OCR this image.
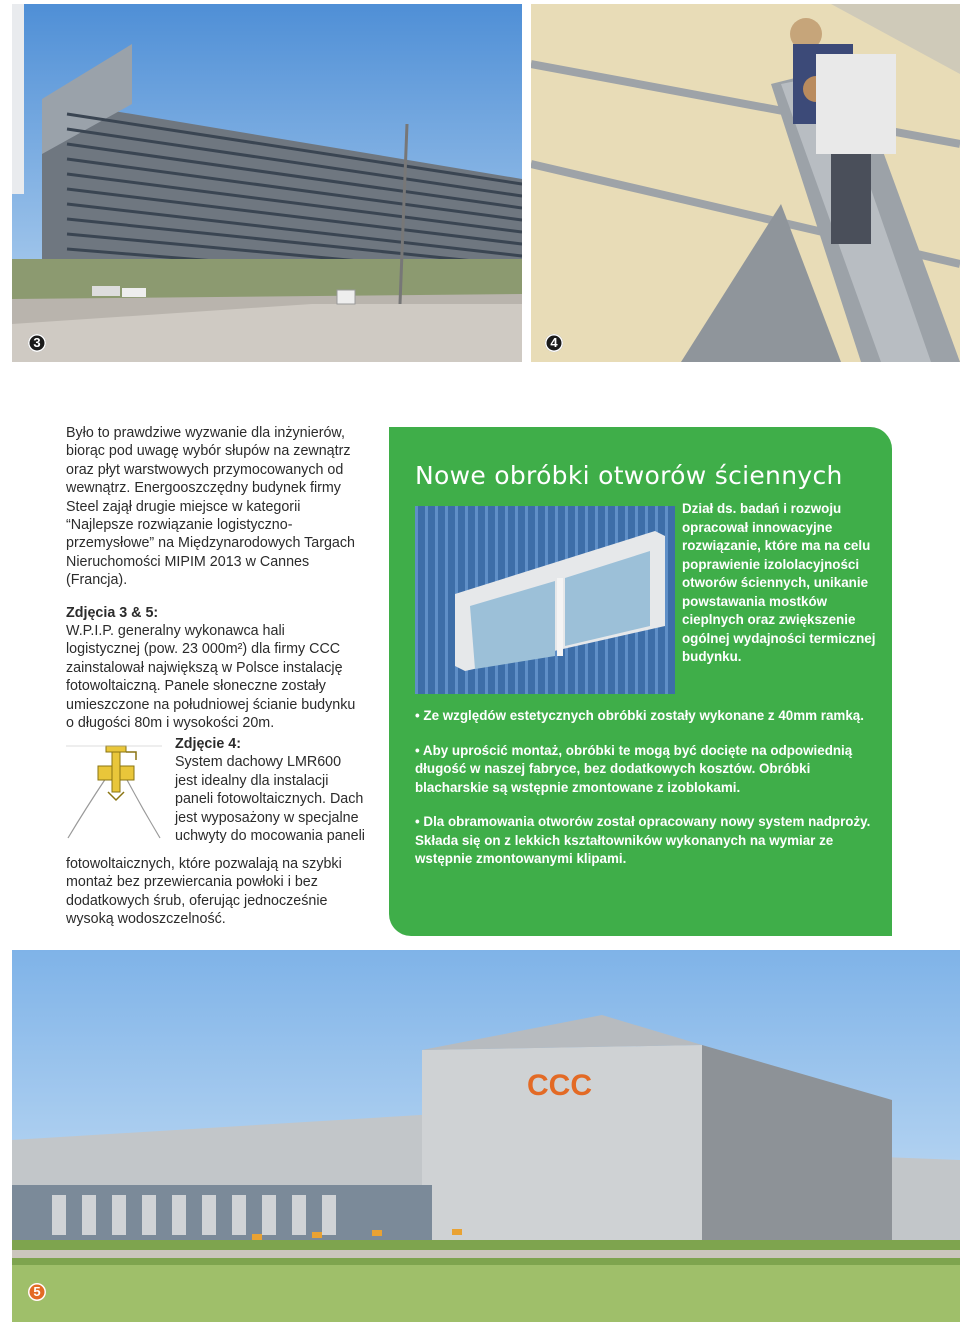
3	4

Było to prawdziwe wyzwanie dla inżynierów, biorąc pod uwagę wybór słupów na zewnątrz oraz płyt warstwowych przymocowanych od wewnątrz. Energooszczędny budynek firmy Steel zajął drugie miejsce w kategorii “Najlepsze rozwiązanie logistyczno-przemysłowe” na Międzynarodowych Targach Nieruchomości MIPIM 2013 w Cannes (Francja).

Zdjęcia 3 & 5:

W.P.I.P. generalny wykonawca hali logistycznej (pow. 23 000m²) dla firmy CCC zainstalował największą w Polsce instalację fotowoltaiczną. Panele słoneczne zostały umieszczone na południowej ścianie budynku o długości 80m i wysokości 20m.

Zdjęcie 4:

System dachowy LMR600 jest idealny dla instalacji paneli fotowoltaicznych. Dach jest wyposażony w specjalne uchwyty do mocowania paneli

fotowoltaicznych, które pozwalają na szybki montaż bez przewiercania powłoki i bez dodatkowych śrub, oferując jednocześnie wysoką wodoszczelność.
Nowe obróbki otworów ściennych
Dział ds. badań i rozwoju opracował innowacyjne rozwiązanie, które ma na celu poprawienie izololacyjności otworów ściennych, unikanie powstawania mostków cieplnych oraz zwiększenie ogólnej wydajności termicznej budynku.

• Ze względów estetycznych obróbki zostały wykonane z 40mm ramką.

• Aby uprościć montaż, obróbki te mogą być docięte na odpowiednią długość w naszej fabryce, bez dodatkowych kosztów. Obróbki blacharskie są wstępnie zmontowane z izoblokami.

• Dla obramowania otworów został opracowany nowy system nadproży. Składa się on z lekkich kształtowników wykonanych na wymiar ze wstępnie zmontowanymi klipami.

CCC
5
